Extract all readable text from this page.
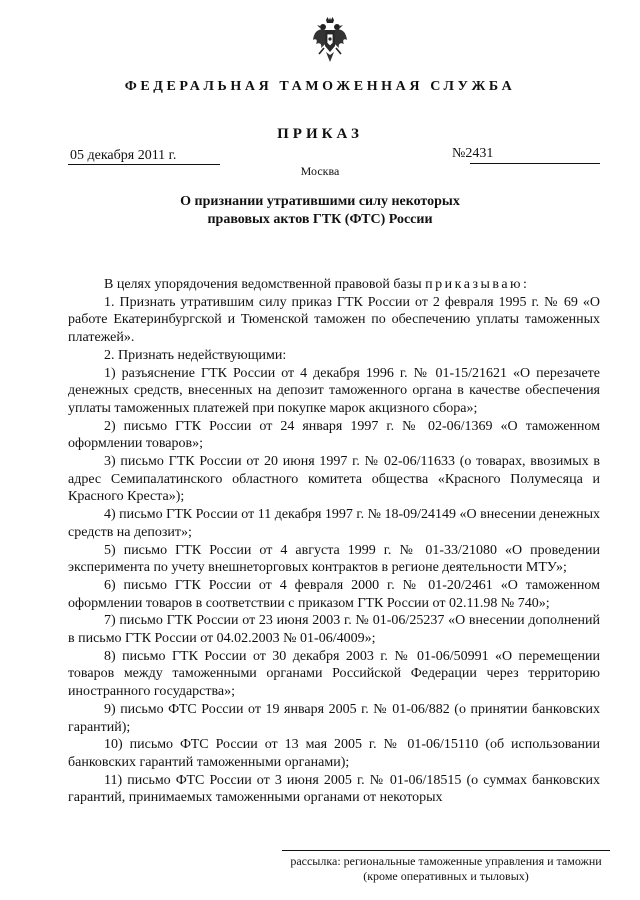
ФЕДЕРАЛЬНАЯ ТАМОЖЕННАЯ СЛУЖБА
ПРИКАЗ
05 декабря 2011 г.	№2431
Москва
О признании утратившими силу некоторых
правовых актов ГТК (ФТС) России

В целях упорядочения ведомственной правовой базы приказываю:

1. Признать утратившим силу приказ ГТК России от 2 февраля 1995 г. № 69 «О работе Екатеринбургской и Тюменской таможен по обеспечению уплаты таможенных платежей».

2. Признать недействующими:

1) разъяснение ГТК России от 4 декабря 1996 г. № 01-15/21621 «О перезачете денежных средств, внесенных на депозит таможенного органа в качестве обеспечения уплаты таможенных платежей при покупке марок акцизного сбора»;

2) письмо ГТК России от 24 января 1997 г. № 02-06/1369 «О таможенном оформлении товаров»;

3) письмо ГТК России от 20 июня 1997 г. № 02-06/11633 (о товарах, ввозимых в адрес Семипалатинского областного комитета общества «Красного Полумесяца и Красного Креста»);

4) письмо ГТК России от 11 декабря 1997 г. № 18-09/24149 «О внесении денежных средств на депозит»;

5) письмо ГТК России от 4 августа 1999 г. № 01-33/21080 «О проведении эксперимента по учету внешнеторговых контрактов в регионе деятельности МТУ»;

6) письмо ГТК России от 4 февраля 2000 г. № 01-20/2461 «О таможенном оформлении товаров в соответствии с приказом ГТК России от 02.11.98 № 740»;

7) письмо ГТК России от 23 июня 2003 г. № 01-06/25237 «О внесении дополнений в письмо ГТК России от 04.02.2003 № 01-06/4009»;

8) письмо ГТК России от 30 декабря 2003 г. № 01-06/50991 «О перемещении товаров между таможенными органами Российской Федерации через территорию иностранного государства»;

9) письмо ФТС России от 19 января 2005 г. № 01-06/882 (о принятии банковских гарантий);

10) письмо ФТС России от 13 мая 2005 г. № 01-06/15110 (об использовании банковских гарантий таможенными органами);

11) письмо ФТС России от 3 июня 2005 г. № 01-06/18515 (о суммах банковских гарантий, принимаемых таможенными органами от некоторых

рассылка: региональные таможенные управления и таможни
(кроме оперативных и тыловых)
